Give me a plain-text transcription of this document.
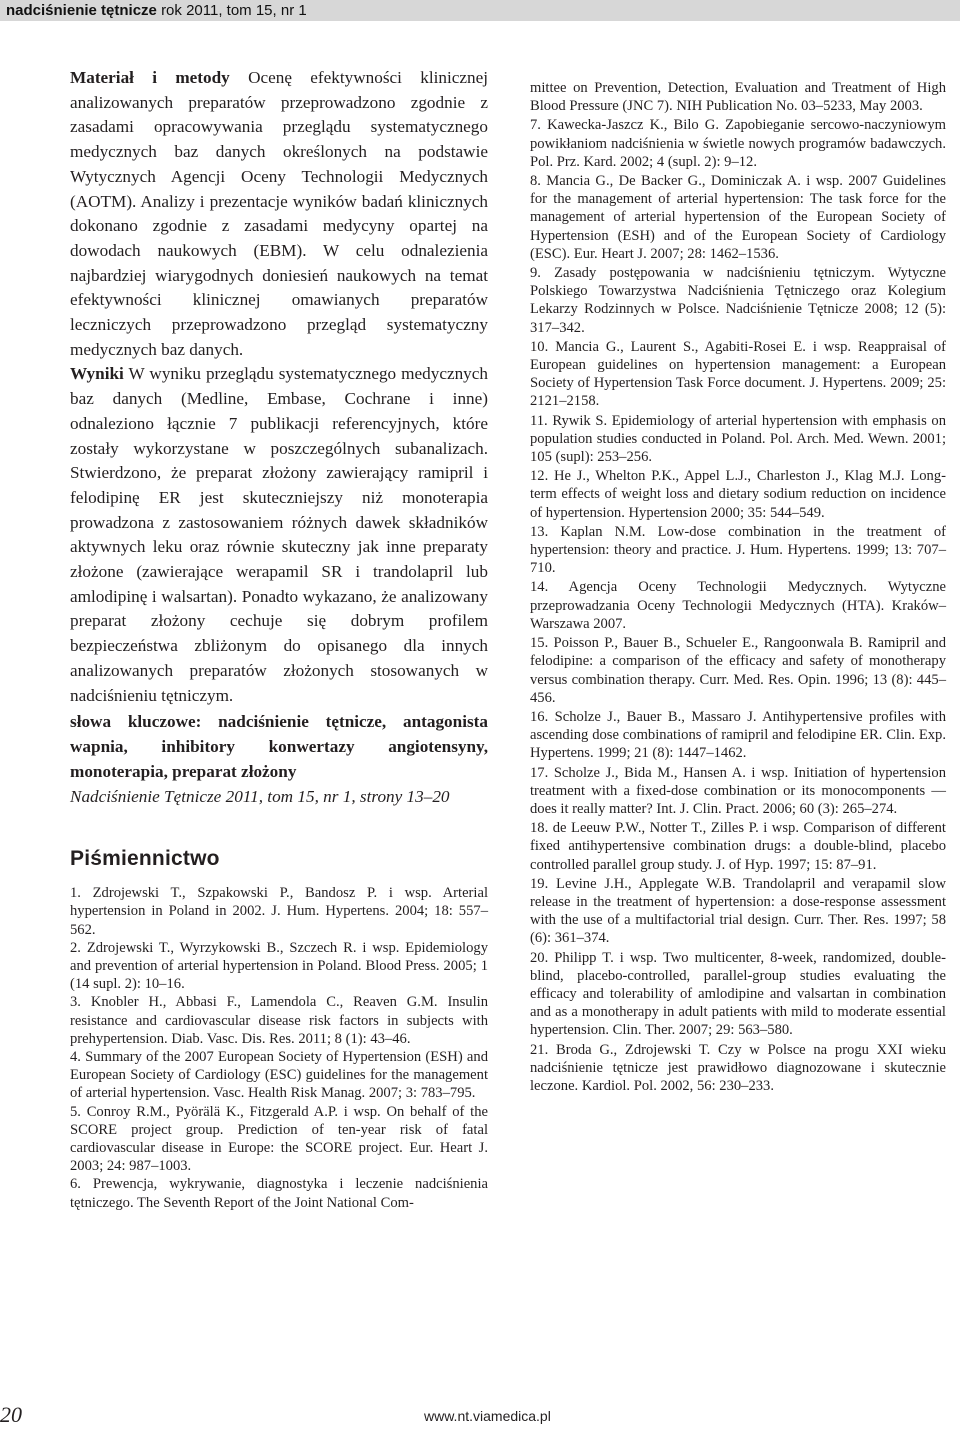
nadciśnienie tętnicze rok 2011, tom 15, nr 1

Materiał i metody Ocenę efektywności klinicznej analizowanych preparatów przeprowadzono zgodnie z zasadami opracowywania przeglądu systematycznego medycznych baz danych określonych na podstawie Wytycznych Agencji Oceny Technologii Medycznych (AOTM). Analizy i prezentacje wyników badań klinicznych dokonano zgodnie z zasadami medycyny opartej na dowodach naukowych (EBM). W celu odnalezienia najbardziej wiarygodnych doniesień naukowych na temat efektywności klinicznej omawianych preparatów leczniczych przeprowadzono przegląd systematyczny medycznych baz danych.

Wyniki W wyniku przeglądu systematycznego medycznych baz danych (Medline, Embase, Cochrane i inne) odnaleziono łącznie 7 publikacji referencyjnych, które zostały wykorzystane w poszczególnych subanalizach. Stwierdzono, że preparat złożony zawierający ramipril i felodipinę ER jest skuteczniejszy niż monoterapia prowadzona z zastosowaniem różnych dawek składników aktywnych leku oraz równie skuteczny jak inne preparaty złożone (zawierające werapamil SR i trandolapril lub amlodipinę i walsartan). Ponadto wykazano, że analizowany preparat złożony cechuje się dobrym profilem bezpieczeństwa zbliżonym do opisanego dla innych analizowanych preparatów złożonych stosowanych w nadciśnieniu tętniczym.

słowa kluczowe: nadciśnienie tętnicze, antagonista wapnia, inhibitory konwertazy angiotensyny, monoterapia, preparat złożony

Nadciśnienie Tętnicze 2011, tom 15, nr 1, strony 13–20

Piśmiennictwo

1. Zdrojewski T., Szpakowski P., Bandosz P. i wsp. Arterial hypertension in Poland in 2002. J. Hum. Hypertens. 2004; 18: 557–562.

2. Zdrojewski T., Wyrzykowski B., Szczech R. i wsp. Epidemiology and prevention of arterial hypertension in Poland. Blood Press. 2005; 1 (14 supl. 2): 10–16.

3. Knobler H., Abbasi F., Lamendola C., Reaven G.M. Insulin resistance and cardiovascular disease risk factors in subjects with prehypertension. Diab. Vasc. Dis. Res. 2011; 8 (1): 43–46.

4. Summary of the 2007 European Society of Hypertension (ESH) and European Society of Cardiology (ESC) guidelines for the management of arterial hypertension. Vasc. Health Risk Manag. 2007; 3: 783–795.

5. Conroy R.M., Pyörälä K., Fitzgerald A.P. i wsp. On behalf of the SCORE project group. Prediction of ten-year risk of fatal cardiovascular disease in Europe: the SCORE project. Eur. Heart J. 2003; 24: 987–1003.

6. Prewencja, wykrywanie, diagnostyka i leczenie nadciśnienia tętniczego. The Seventh Report of the Joint National Com-

mittee on Prevention, Detection, Evaluation and Treatment of High Blood Pressure (JNC 7). NIH Publication No. 03–5233, May 2003.

7. Kawecka-Jaszcz K., Bilo G. Zapobieganie sercowo-naczyniowym powikłaniom nadciśnienia w świetle nowych programów badawczych. Pol. Prz. Kard. 2002; 4 (supl. 2): 9–12.

8. Mancia G., De Backer G., Dominiczak A. i wsp. 2007 Guidelines for the management of arterial hypertension: The task force for the management of arterial hypertension of the European Society of Hypertension (ESH) and of the European Society of Cardiology (ESC). Eur. Heart J. 2007; 28: 1462–1536.

9. Zasady postępowania w nadciśnieniu tętniczym. Wytyczne Polskiego Towarzystwa Nadciśnienia Tętniczego oraz Kolegium Lekarzy Rodzinnych w Polsce. Nadciśnienie Tętnicze 2008; 12 (5): 317–342.

10. Mancia G., Laurent S., Agabiti-Rosei E. i wsp. Reappraisal of European guidelines on hypertension management: a European Society of Hypertension Task Force document. J. Hypertens. 2009; 25: 2121–2158.

11. Rywik S. Epidemiology of arterial hypertension with emphasis on population studies conducted in Poland. Pol. Arch. Med. Wewn. 2001; 105 (supl): 253–256.

12. He J., Whelton P.K., Appel L.J., Charleston J., Klag M.J. Long-term effects of weight loss and dietary sodium reduction on incidence of hypertension. Hypertension 2000; 35: 544–549.

13. Kaplan N.M. Low-dose combination in the treatment of hypertension: theory and practice. J. Hum. Hypertens. 1999; 13: 707–710.

14. Agencja Oceny Technologii Medycznych. Wytyczne przeprowadzania Oceny Technologii Medycznych (HTA). Kraków–Warszawa 2007.

15. Poisson P., Bauer B., Schueler E., Rangoonwala B. Ramipril and felodipine: a comparison of the efficacy and safety of monotherapy versus combination therapy. Curr. Med. Res. Opin. 1996; 13 (8): 445–456.

16. Scholze J., Bauer B., Massaro J. Antihypertensive profiles with ascending dose combinations of ramipril and felodipine ER. Clin. Exp. Hypertens. 1999; 21 (8): 1447–1462.

17. Scholze J., Bida M., Hansen A. i wsp. Initiation of hypertension treatment with a fixed-dose combination or its monocomponents — does it really matter? Int. J. Clin. Pract. 2006; 60 (3): 265–274.

18. de Leeuw P.W., Notter T., Zilles P. i wsp. Comparison of different fixed antihypertensive combination drugs: a double-blind, placebo controlled parallel group study. J. of Hyp. 1997; 15: 87–91.

19. Levine J.H., Applegate W.B. Trandolapril and verapamil slow release in the treatment of hypertension: a dose-response assessment with the use of a multifactorial trial design. Curr. Ther. Res. 1997; 58 (6): 361–374.

20. Philipp T. i wsp. Two multicenter, 8-week, randomized, double-blind, placebo-controlled, parallel-group studies evaluating the efficacy and tolerability of amlodipine and valsartan in combination and as a monotherapy in adult patients with mild to moderate essential hypertension. Clin. Ther. 2007; 29: 563–580.

21. Broda G., Zdrojewski T. Czy w Polsce na progu XXI wieku nadciśnienie tętnicze jest prawidłowo diagnozowane i skutecznie leczone. Kardiol. Pol. 2002, 56: 230–233.

20	www.nt.viamedica.pl
